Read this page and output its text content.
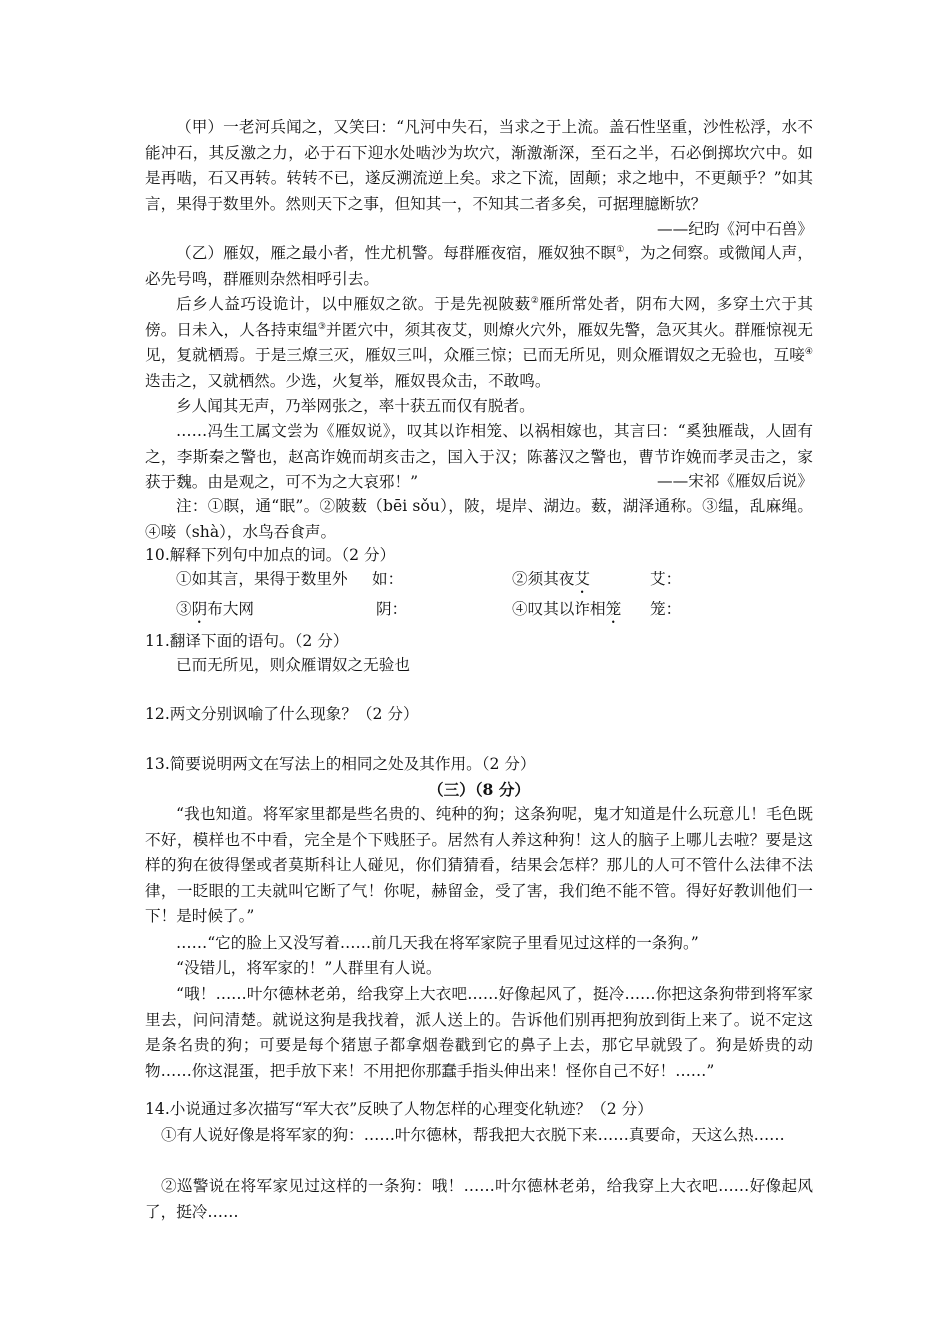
（甲）一老河兵闻之，又笑曰：“凡河中失石，当求之于上流。盖石性坚重，沙性松浮，水不能冲石，其反激之力，必于石下迎水处啮沙为坎穴，渐激渐深，至石之半，石必倒掷坎穴中。如是再啮，石又再转。转转不已，遂反溯流逆上矣。求之下流，固颠；求之地中，不更颠乎？”如其言，果得于数里外。然则天下之事，但知其一，不知其二者多矣，可据理臆断欤？

——纪昀《河中石兽》

（乙）雁奴，雁之最小者，性尤机警。每群雁夜宿，雁奴独不瞑①，为之伺察。或微闻人声，必先号鸣，群雁则杂然相呼引去。

后乡人益巧设诡计，以中雁奴之欲。于是先视陂薮②雁所常处者，阴布大网，多穿土穴于其傍。日未入，人各持束缊③并匿穴中，须其夜艾，则燎火穴外，雁奴先警，急灭其火。群雁惊视无见，复就栖焉。于是三燎三灭，雁奴三叫，众雁三惊；已而无所见，则众雁谓奴之无验也，互唼④迭击之，又就栖然。少选，火复举，雁奴畏众击，不敢鸣。

乡人闻其无声，乃举网张之，率十获五而仅有脱者。

……冯生工属文尝为《雁奴说》，叹其以诈相笼、以祸相嫁也，其言曰：“奚独雁哉，人固有之，李斯秦之警也，赵高诈娩而胡亥击之，国入于汉；陈蕃汉之警也，曹节诈娩而孝灵击之，家获于魏。由是观之，可不为之大哀邪！”	——宋祁《雁奴后说》

注：①瞑，通“眠”。②陂薮（bēi sǒu），陂，堤岸、湖边。薮，湖泽通称。③缊，乱麻绳。④唼（shà），水鸟吞食声。

10.解释下列句中加点的词。（2 分）

①如其言，果得于数里外 如：	②须其夜艾	艾：
③阴布大网	阴：	④叹其以诈相笼 笼：

11.翻译下面的语句。（2 分）

已而无所见，则众雁谓奴之无验也

12.两文分别讽喻了什么现象？（2 分）

13.简要说明两文在写法上的相同之处及其作用。（2 分）

（三）（8 分）

“我也知道。将军家里都是些名贵的、纯种的狗；这条狗呢，鬼才知道是什么玩意儿！毛色既不好，模样也不中看，完全是个下贱胚子。居然有人养这种狗！这人的脑子上哪儿去啦？要是这样的狗在彼得堡或者莫斯科让人碰见，你们猜猜看，结果会怎样？那儿的人可不管什么法律不法律，一眨眼的工夫就叫它断了气！你呢，赫留金，受了害，我们绝不能不管。得好好教训他们一下！是时候了。”

……“它的脸上又没写着……前几天我在将军家院子里看见过这样的一条狗。”

“没错儿，将军家的！”人群里有人说。

“哦！……叶尔德林老弟，给我穿上大衣吧……好像起风了，挺冷……你把这条狗带到将军家里去，问问清楚。就说这狗是我找着，派人送上的。告诉他们别再把狗放到街上来了。说不定这是条名贵的狗；可要是每个猪崽子都拿烟卷戳到它的鼻子上去，那它早就毁了。狗是娇贵的动物……你这混蛋，把手放下来！不用把你那蠢手指头伸出来！怪你自己不好！……”

14.小说通过多次描写“军大衣”反映了人物怎样的心理变化轨迹？（2 分）

①有人说好像是将军家的狗：……叶尔德林，帮我把大衣脱下来……真要命，天这么热……

②巡警说在将军家见过这样的一条狗：哦！……叶尔德林老弟，给我穿上大衣吧……好像起风了，挺冷……
